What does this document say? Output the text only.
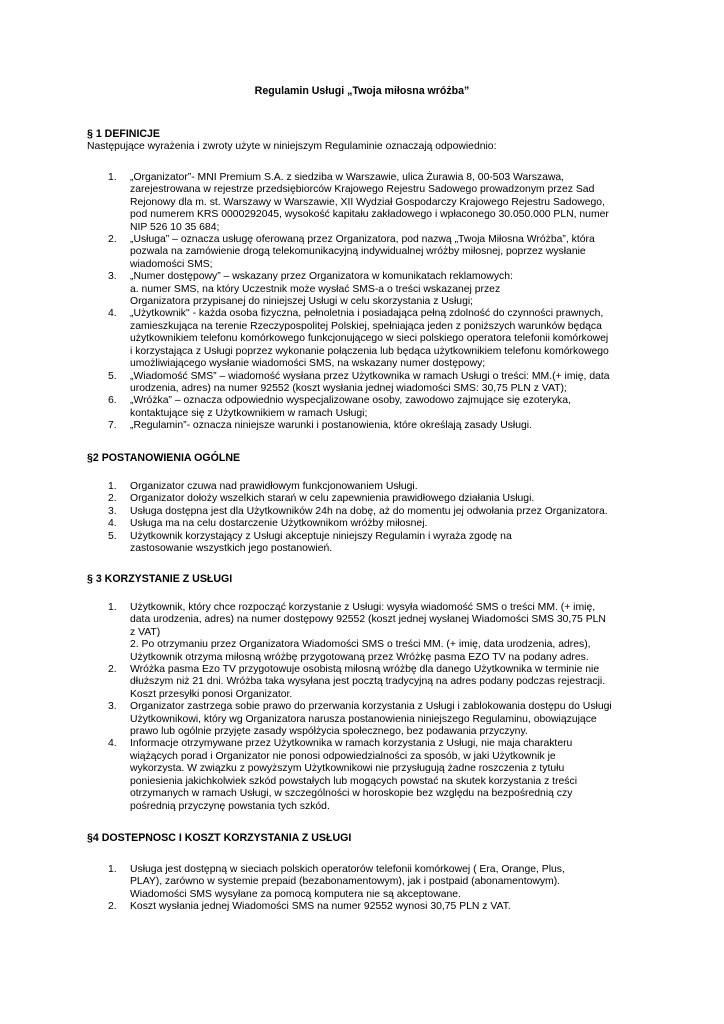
Regulamin Usługi „Twoja miłosna wróżba”
§ 1 DEFINICJE
Następujące wyrażenia i zwroty użyte w niniejszym Regulaminie oznaczają odpowiednio:
1. „Organizator”- MNI Premium S.A. z siedziba w Warszawie, ulica Żurawia 8, 00-503 Warszawa,
zarejestrowana w rejestrze przedsiębiorców Krajowego Rejestru Sadowego prowadzonym przez Sad
Rejonowy dla m. st. Warszawy w Warszawie, XII Wydział Gospodarczy Krajowego Rejestru Sadowego,
pod numerem KRS 0000292045, wysokość kapitału zakładowego i wpłaconego 30.050.000 PLN, numer
NIP 526 10 35 684;
2. „Usługa” – oznacza usługę oferowaną przez Organizatora, pod nazwą „Twoja Miłosna Wróżba”, która
pozwala na zamówienie drogą telekomunikacyjną indywidualnej wróżby miłosnej, poprzez wysłanie
wiadomości SMS;
3. „Numer dostępowy” – wskazany przez Organizatora w komunikatach reklamowych:
a. numer SMS, na który Uczestnik może wysłać SMS-a o treści wskazanej przez
Organizatora przypisanej do niniejszej Usługi w celu skorzystania z Usługi;
4. „Użytkownik" - każda osoba fizyczna, pełnoletnia i posiadająca pełną zdolność do czynności prawnych,
zamieszkująca na terenie Rzeczypospolitej Polskiej, spełniająca jeden z poniższych warunków będąca
użytkownikiem telefonu komórkowego funkcjonującego w sieci polskiego operatora telefonii komórkowej
i korzystająca z Usługi poprzez wykonanie połączenia lub będąca użytkownikiem telefonu komórkowego
umożliwiającego wysłanie wiadomości SMS, na wskazany numer dostępowy;
5. „Wiadomość SMS” – wiadomość wysłana przez Użytkownika w ramach Usługi o treści: MM.(+ imię, data
urodzenia, adres) na numer 92552 (koszt wysłania jednej wiadomości SMS: 30,75 PLN z VAT);
6. „Wróżka” – oznacza odpowiednio wyspecjalizowane osoby, zawodowo zajmujące się ezoteryka,
kontaktujące się z Użytkownikiem w ramach Usługi;
7. „Regulamin”- oznacza niniejsze warunki i postanowienia, które określają zasady Usługi.
§2 POSTANOWIENIA OGÓLNE
1. Organizator czuwa nad prawidłowym funkcjonowaniem Usługi.
2. Organizator dołoży wszelkich starań w celu zapewnienia prawidłowego działania Usługi.
3. Usługa dostępna jest dla Użytkowników 24h na dobę, aż do momentu jej odwołania przez Organizatora.
4. Usługa ma na celu dostarczenie Użytkownikom wróżby miłosnej.
5. Użytkownik korzystający z Usługi akceptuje niniejszy Regulamin i wyraża zgodę na
zastosowanie wszystkich jego postanowień.
§ 3 KORZYSTANIE Z USŁUGI
1. Użytkownik, który chce rozpocząć korzystanie z Usługi: wysyła wiadomość SMS o treści MM. (+ imię,
data urodzenia, adres) na numer dostępowy 92552 (koszt jednej wysłanej Wiadomości SMS 30,75 PLN
z VAT)
2. Po otrzymaniu przez Organizatora Wiadomości SMS o treści MM. (+ imię, data urodzenia, adres),
Użytkownik otrzyma miłosną wróżbę przygotowaną przez Wróżkę pasma EZO TV na podany adres.
2. Wróżka pasma Ezo TV przygotowuje osobistą miłosną wróżbę dla danego Użytkownika w terminie nie
dłuższym niż 21 dni. Wróżba taka wysyłana jest pocztą tradycyjną na adres podany podczas rejestracji.
Koszt przesyłki ponosi Organizator.
3. Organizator zastrzega sobie prawo do przerwania korzystania z Usługi i zablokowania dostępu do Usługi
Użytkownikowi, który wg Organizatora narusza postanowienia niniejszego Regulaminu, obowiązujące
prawo lub ogólnie przyjęte zasady współżycia społecznego, bez podawania przyczyny.
4. Informacje otrzymywane przez Użytkownika w ramach korzystania z Usługi, nie maja charakteru
wiążących porad i Organizator nie ponosi odpowiedzialności za sposób, w jaki Użytkownik je
wykorzysta. W związku z powyższym Użytkownikowi nie przysługują żadne roszczenia z tytułu
poniesienia jakichkolwiek szkód powstałych lub mogących powstać na skutek korzystania z treści
otrzymanych w ramach Usługi, w szczególności w horoskopie bez względu na bezpośrednią czy
pośrednią przyczynę powstania tych szkód.
§4 DOSTEPNOSC I KOSZT KORZYSTANIA Z USŁUGI
1. Usługa jest dostępną w sieciach polskich operatorów telefonii komórkowej ( Era, Orange, Plus,
PLAY), zarówno w systemie prepaid (bezabonamentowym), jak i postpaid (abonamentowym).
Wiadomości SMS wysyłane za pomocą komputera nie są akceptowane.
2. Koszt wysłania jednej Wiadomości SMS na numer 92552 wynosi 30,75 PLN z VAT.
